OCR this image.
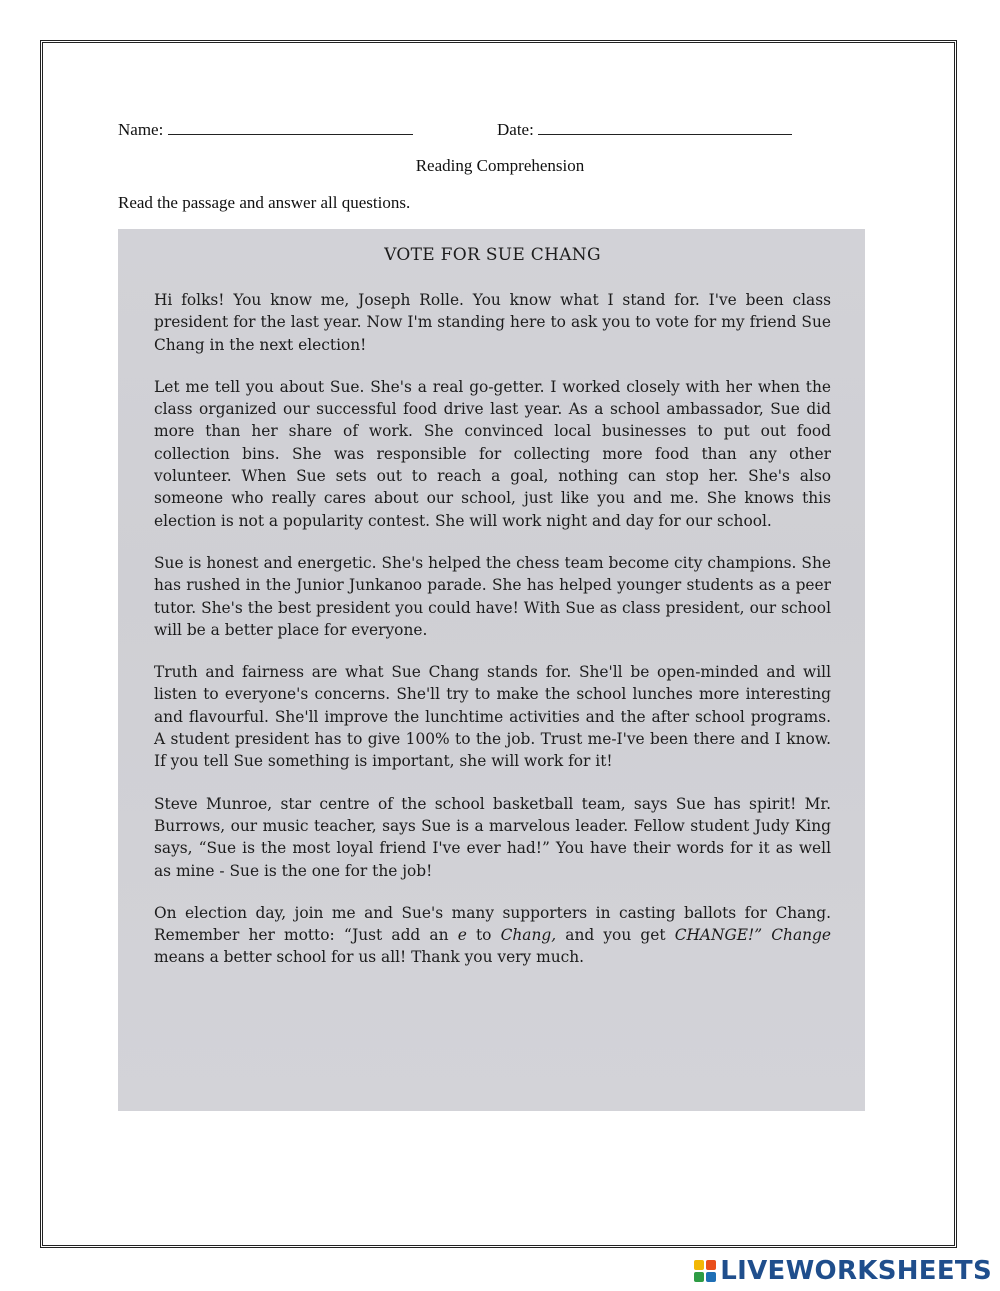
Name:	Date:
Reading Comprehension
Read the passage and answer all questions.
VOTE FOR SUE CHANG

Hi folks! You know me, Joseph Rolle. You know what I stand for. I've been class president for the last year. Now I'm standing here to ask you to vote for my friend Sue Chang in the next election!

Let me tell you about Sue. She's a real go-getter. I worked closely with her when the class organized our successful food drive last year. As a school ambassador, Sue did more than her share of work. She convinced local businesses to put out food collection bins. She was responsible for collecting more food than any other volunteer. When Sue sets out to reach a goal, nothing can stop her. She's also someone who really cares about our school, just like you and me. She knows this election is not a popularity contest. She will work night and day for our school.

Sue is honest and energetic. She's helped the chess team become city champions. She has rushed in the Junior Junkanoo parade. She has helped younger students as a peer tutor. She's the best president you could have! With Sue as class president, our school will be a better place for everyone.

Truth and fairness are what Sue Chang stands for. She'll be open-minded and will listen to everyone's concerns. She'll try to make the school lunches more interesting and flavourful. She'll improve the lunchtime activities and the after school programs. A student president has to give 100% to the job. Trust me-I've been there and I know. If you tell Sue something is important, she will work for it!

Steve Munroe, star centre of the school basketball team, says Sue has spirit! Mr. Burrows, our music teacher, says Sue is a marvelous leader. Fellow student Judy King says, “Sue is the most loyal friend I've ever had!” You have their words for it as well as mine - Sue is the one for the job!

On election day, join me and Sue's many supporters in casting ballots for Chang. Remember her motto: “Just add an e to Chang, and you get CHANGE!” Change means a better school for us all! Thank you very much.

LIVEWORKSHEETS
